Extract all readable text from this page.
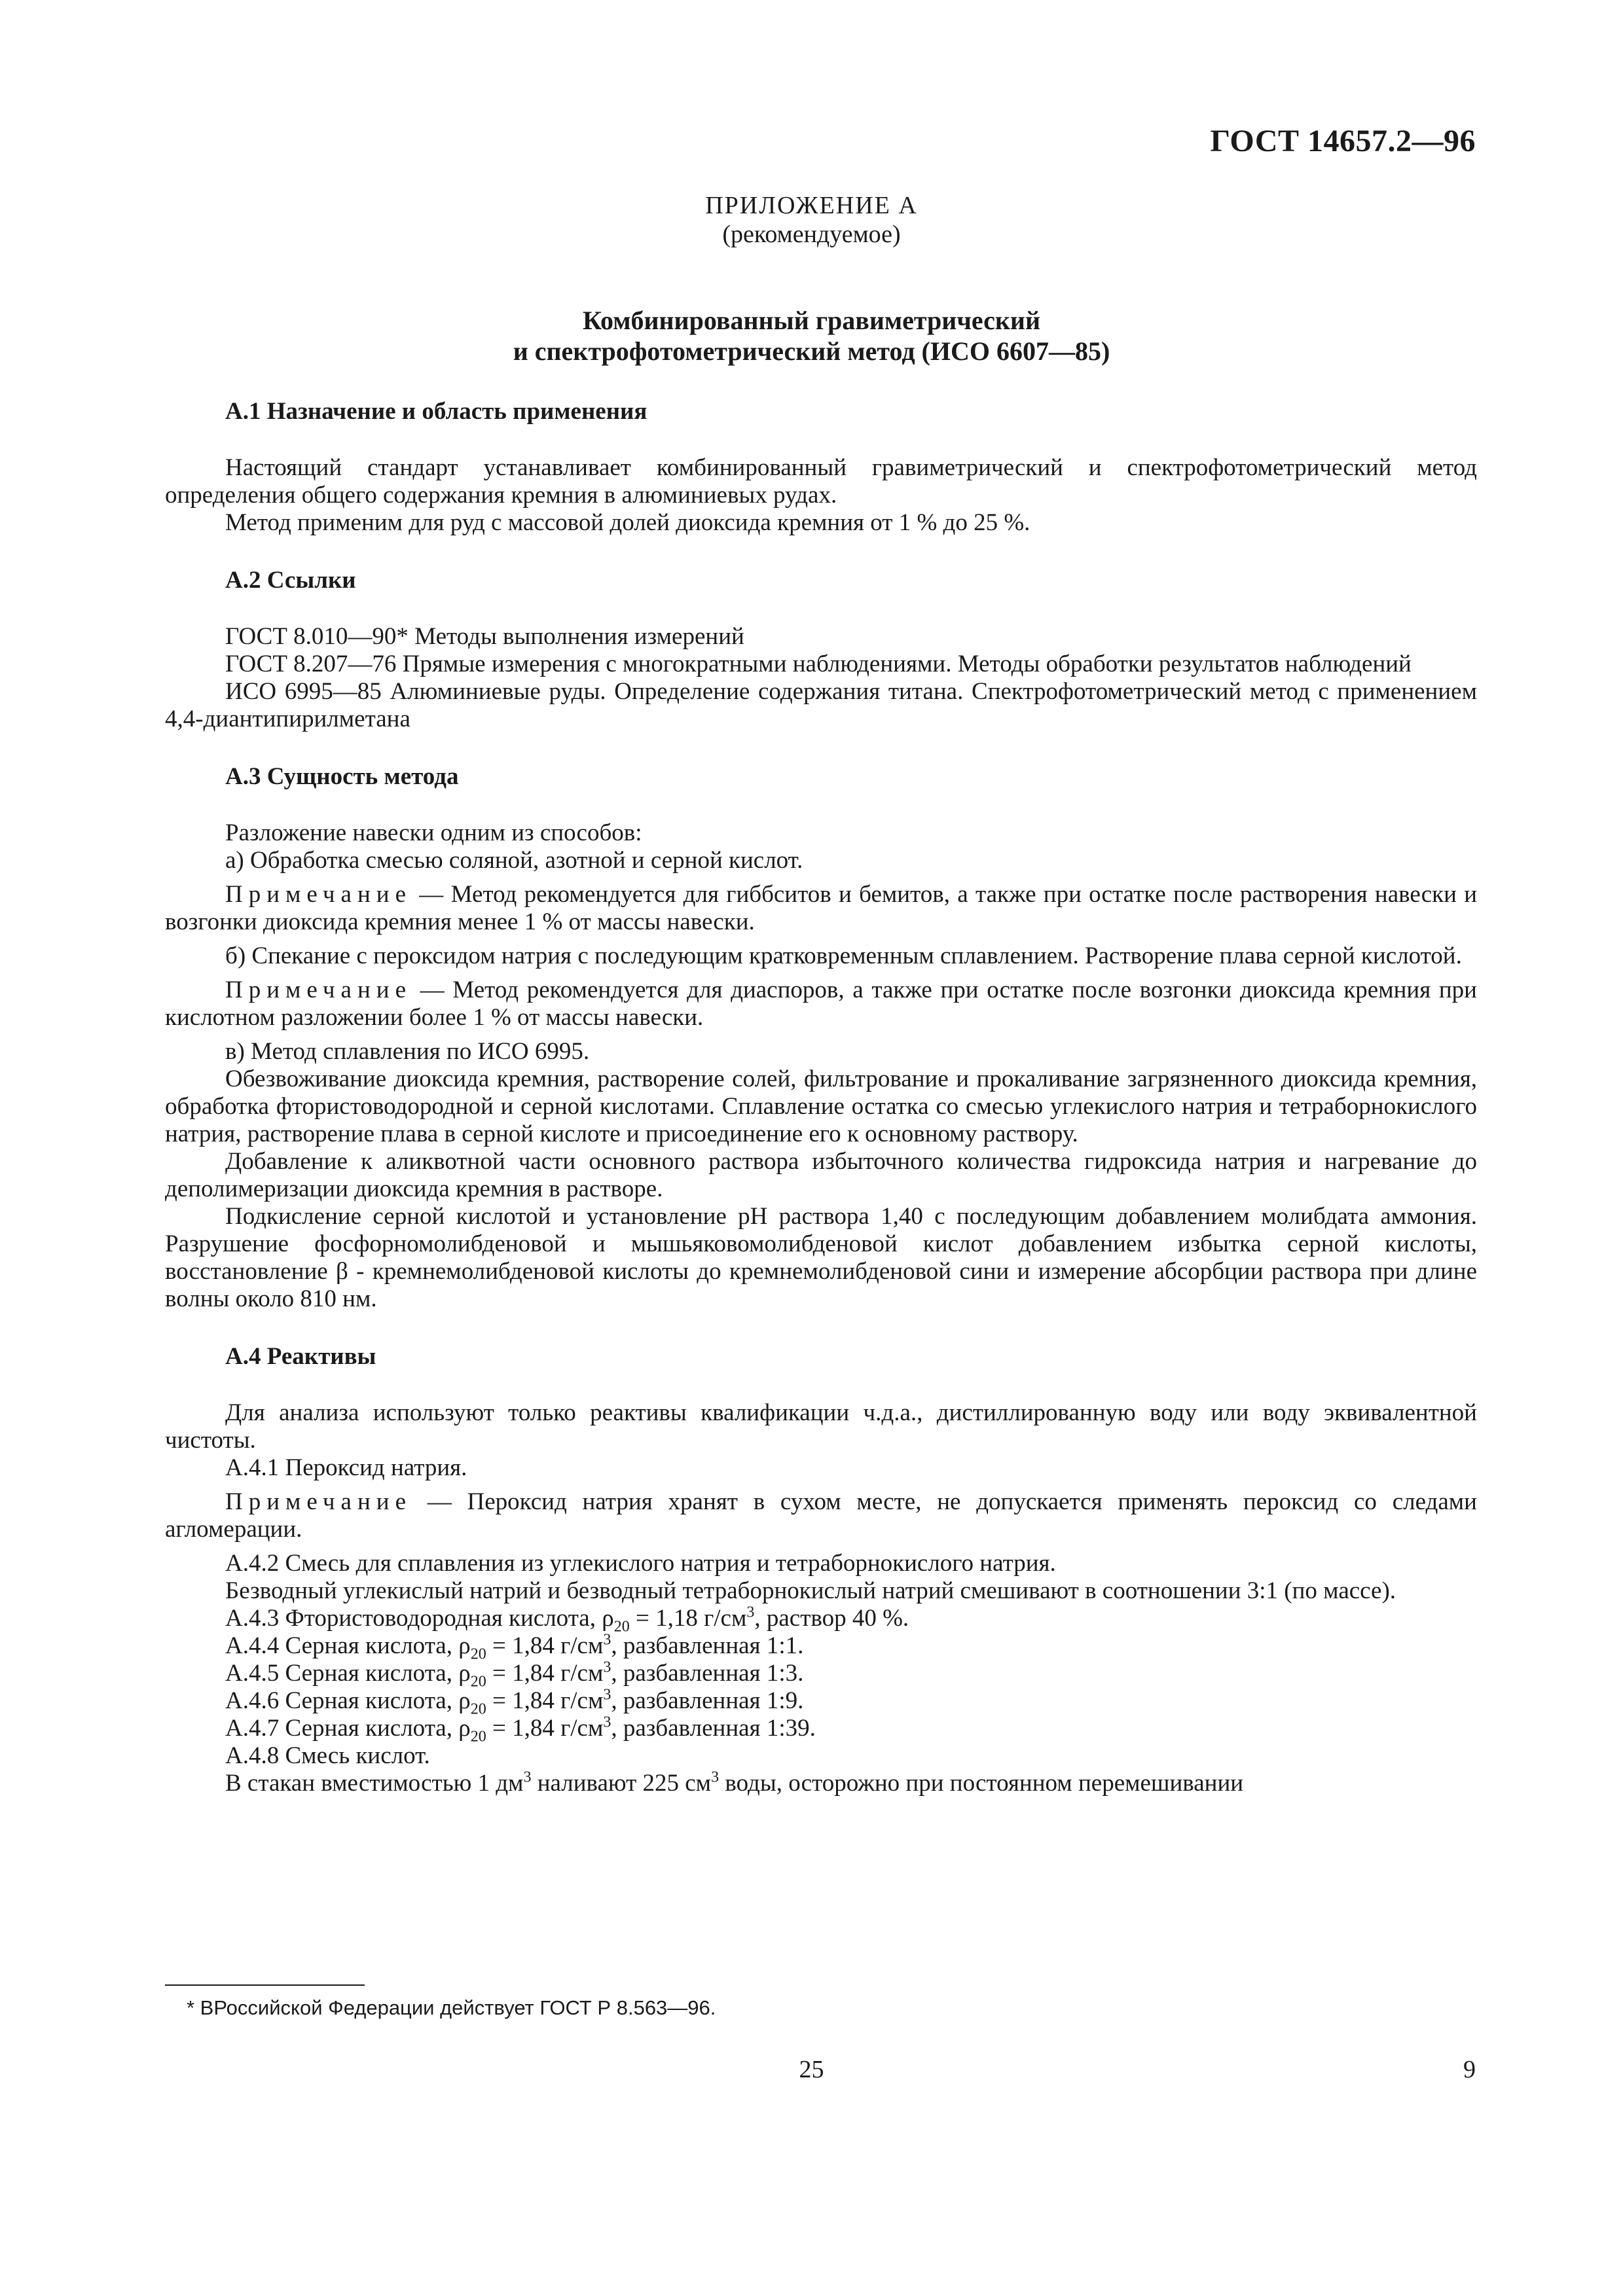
ГОСТ 14657.2—96
ПРИЛОЖЕНИЕ А
(рекомендуемое)
Комбинированный гравиметрический
и спектрофотометрический метод (ИСО 6607—85)
А.1 Назначение и область применения

Настоящий стандарт устанавливает комбинированный гравиметрический и спектрофотометрический метод определения общего содержания кремния в алюминиевых рудах.

Метод применим для руд с массовой долей диоксида кремния от 1 % до 25 %.

А.2 Ссылки

ГОСТ 8.010—90* Методы выполнения измерений

ГОСТ 8.207—76 Прямые измерения с многократными наблюдениями. Методы обработки результатов наблюдений

ИСО 6995—85 Алюминиевые руды. Определение содержания титана. Спектрофотометрический метод с применением 4,4-диантипирилметана

А.3 Сущность метода

Разложение навески одним из способов:

а) Обработка смесью соляной, азотной и серной кислот.

Примечание — Метод рекомендуется для гиббситов и бемитов, а также при остатке после растворения навески и возгонки диоксида кремния менее 1 % от массы навески.

б) Спекание с пероксидом натрия с последующим кратковременным сплавлением. Растворение плава серной кислотой.

Примечание — Метод рекомендуется для диаспоров, а также при остатке после возгонки диоксида кремния при кислотном разложении более 1 % от массы навески.

в) Метод сплавления по ИСО 6995.

Обезвоживание диоксида кремния, растворение солей, фильтрование и прокаливание загрязненного диоксида кремния, обработка фтористоводородной и серной кислотами. Сплавление остатка со смесью углекислого натрия и тетраборнокислого натрия, растворение плава в серной кислоте и присоединение его к основному раствору.

Добавление к аликвотной части основного раствора избыточного количества гидроксида натрия и нагревание до деполимеризации диоксида кремния в растворе.

Подкисление серной кислотой и установление pH раствора 1,40 с последующим добавлением молибдата аммония. Разрушение фосфорномолибденовой и мышьяковомолибденовой кислот добавлением избытка серной кислоты, восстановление β - кремнемолибденовой кислоты до кремнемолибденовой сини и измерение абсорбции раствора при длине волны около 810 нм.

А.4 Реактивы

Для анализа используют только реактивы квалификации ч.д.а., дистиллированную воду или воду эквивалентной чистоты.

А.4.1 Пероксид натрия.

Примечание — Пероксид натрия хранят в сухом месте, не допускается применять пероксид со следами агломерации.

А.4.2 Смесь для сплавления из углекислого натрия и тетраборнокислого натрия.

Безводный углекислый натрий и безводный тетраборнокислый натрий смешивают в соотношении 3:1 (по массе).

А.4.3 Фтористоводородная кислота, $\rho_{20} = 1,18$ $г/см^3$, раствор 40 %.

А.4.4 Серная кислота, $\rho_{20} = 1,84$ $г/см^3$, разбавленная 1:1.

А.4.5 Серная кислота, $\rho_{20} = 1,84$ $г/см^3$, разбавленная 1:3.

А.4.6 Серная кислота, $\rho_{20} = 1,84$ $г/см^3$, разбавленная 1:9.

А.4.7 Серная кислота, $\rho_{20} = 1,84$ $г/см^3$, разбавленная 1:39.

А.4.8 Смесь кислот.

В стакан вместимостью 1 $дм^3$ наливают 225 $см^3$ воды, осторожно при постоянном перемешивании

* ВРоссийской Федерации действует ГОСТ Р 8.563—96.
25	9
